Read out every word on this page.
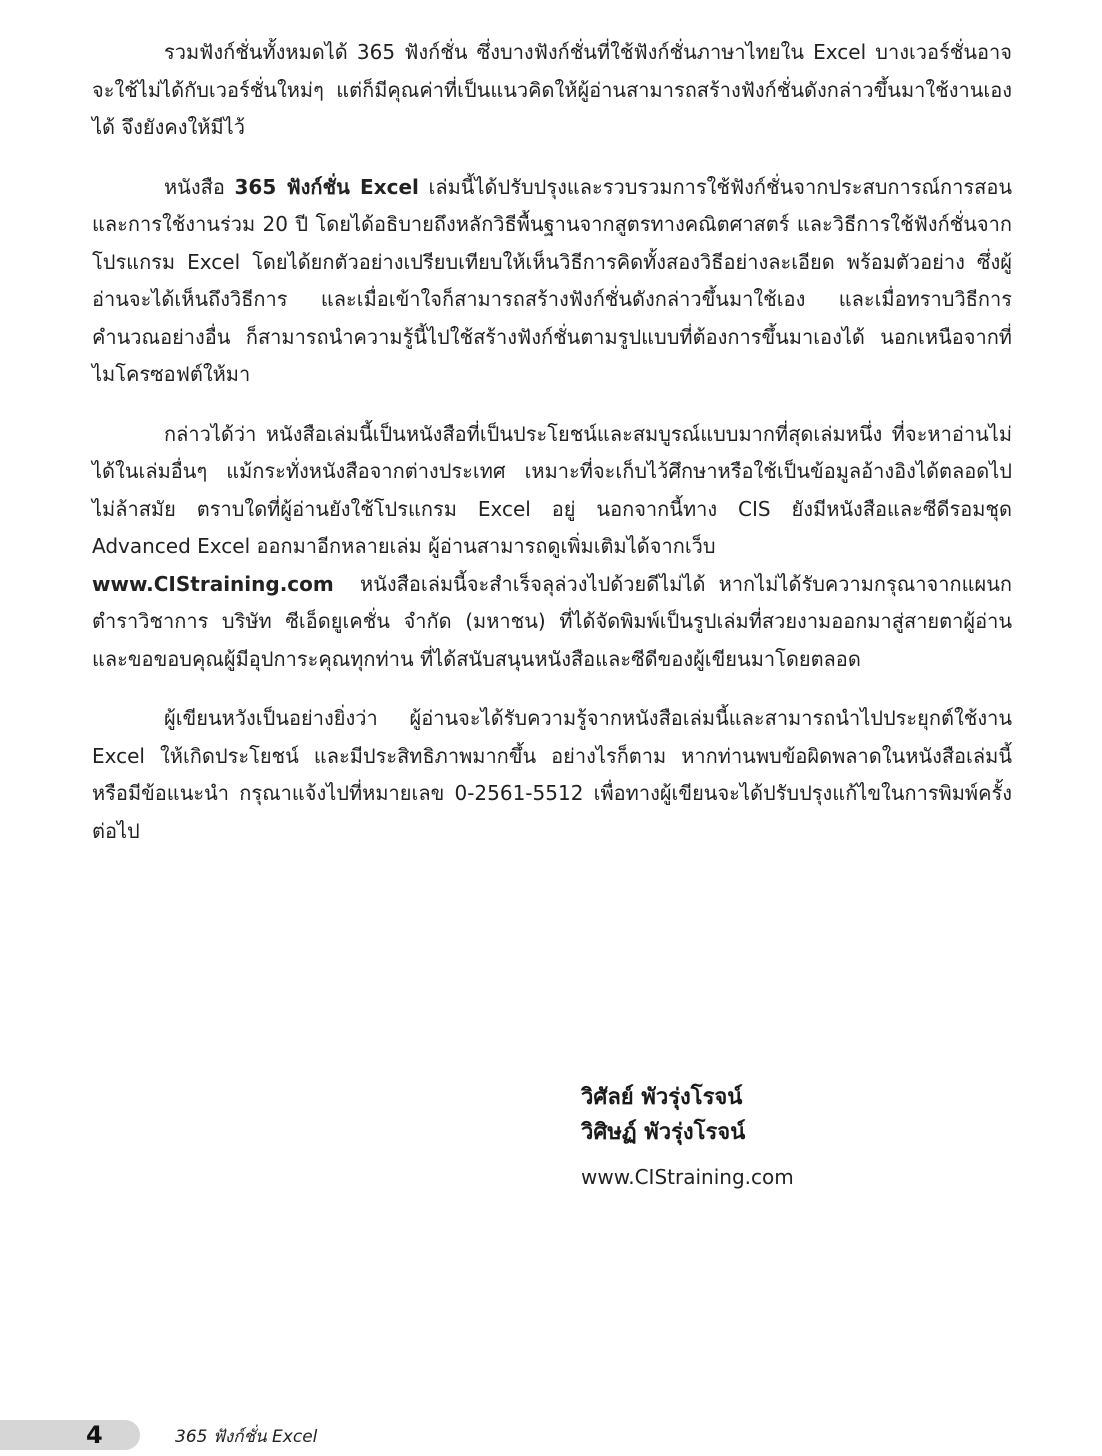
รวมฟังก์ชั่นทั้งหมดได้ 365 ฟังก์ชั่น ซึ่งบางฟังก์ชั่นที่ใช้ฟังก์ชั่นภาษาไทยใน Excel บางเวอร์ชั่นอาจจะใช้ไม่ได้กับเวอร์ชั่นใหม่ๆ แต่ก็มีคุณค่าที่เป็นแนวคิดให้ผู้อ่านสามารถสร้างฟังก์ชั่นดังกล่าวขึ้นมาใช้งานเองได้ จึงยังคงให้มีไว้

หนังสือ 365 ฟังก์ชั่น Excel เล่มนี้ได้ปรับปรุงและรวบรวมการใช้ฟังก์ชั่นจากประสบการณ์การสอนและการใช้งานร่วม 20 ปี โดยได้อธิบายถึงหลักวิธีพื้นฐานจากสูตรทางคณิตศาสตร์ และวิธีการใช้ฟังก์ชั่นจากโปรแกรม Excel โดยได้ยกตัวอย่างเปรียบเทียบให้เห็นวิธีการคิดทั้งสองวิธีอย่างละเอียด พร้อมตัวอย่าง ซึ่งผู้อ่านจะได้เห็นถึงวิธีการ และเมื่อเข้าใจก็สามารถสร้างฟังก์ชั่นดังกล่าวขึ้นมาใช้เอง และเมื่อทราบวิธีการคำนวณอย่างอื่น ก็สามารถนำความรู้นี้ไปใช้สร้างฟังก์ชั่นตามรูปแบบที่ต้องการขึ้นมาเองได้ นอกเหนือจากที่ไมโครซอฟต์ให้มา

กล่าวได้ว่า หนังสือเล่มนี้เป็นหนังสือที่เป็นประโยชน์และสมบูรณ์แบบมากที่สุดเล่มหนึ่ง ที่จะหาอ่านไม่ได้ในเล่มอื่นๆ แม้กระทั่งหนังสือจากต่างประเทศ เหมาะที่จะเก็บไว้ศึกษาหรือใช้เป็นข้อมูลอ้างอิงได้ตลอดไป ไม่ล้าสมัย ตราบใดที่ผู้อ่านยังใช้โปรแกรม Excel อยู่ นอกจากนี้ทาง CIS ยังมีหนังสือและซีดีรอมชุด Advanced Excel ออกมาอีกหลายเล่ม ผู้อ่านสามารถดูเพิ่มเติมได้จากเว็บ
www.CIStraining.com หนังสือเล่มนี้จะสำเร็จลุล่วงไปด้วยดีไม่ได้ หากไม่ได้รับความกรุณาจากแผนกตำราวิชาการ บริษัท ซีเอ็ดยูเคชั่น จำกัด (มหาชน) ที่ได้จัดพิมพ์เป็นรูปเล่มที่สวยงามออกมาสู่สายตาผู้อ่าน และขอขอบคุณผู้มีอุปการะคุณทุกท่าน ที่ได้สนับสนุนหนังสือและซีดีของผู้เขียนมาโดยตลอด

ผู้เขียนหวังเป็นอย่างยิ่งว่า ผู้อ่านจะได้รับความรู้จากหนังสือเล่มนี้และสามารถนำไปประยุกต์ใช้งาน Excel ให้เกิดประโยชน์ และมีประสิทธิภาพมากขึ้น อย่างไรก็ตาม หากท่านพบข้อผิดพลาดในหนังสือเล่มนี้ หรือมีข้อแนะนำ กรุณาแจ้งไปที่หมายเลข 0-2561-5512 เพื่อทางผู้เขียนจะได้ปรับปรุงแก้ไขในการพิมพ์ครั้งต่อไป

วิศัลย์ พัวรุ่งโรจน์
วิศิษฏ์ พัวรุ่งโรจน์
www.CIStraining.com
4	365 ฟังก์ชั่น Excel
